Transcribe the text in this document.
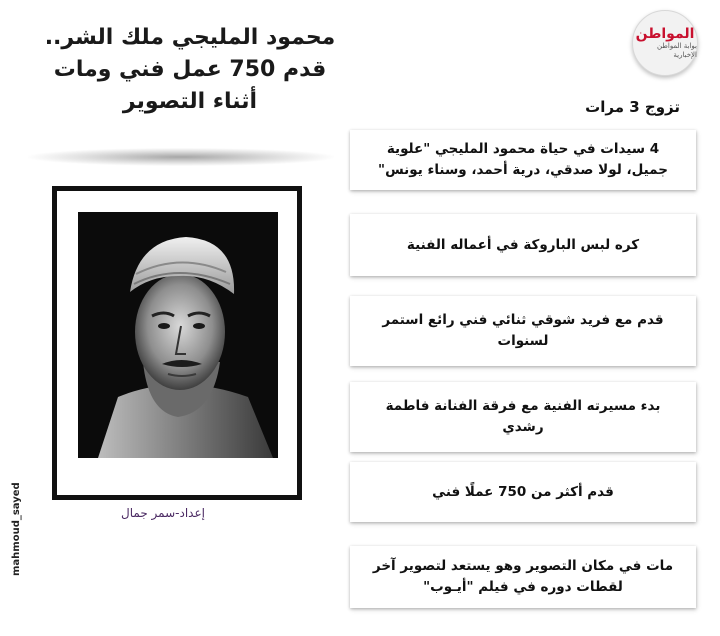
محمود المليجي ملك الشر..
قدم 750 عمل فني ومات
أثناء التصوير
المواطن
بوابة المواطن الإخبارية
تزوج 3 مرات
إعداد-سمر جمال
mahmoud_sayed
4 سيدات في حياة محمود المليجي "علوية جميل، لولا صدقي، درية أحمد، وسناء يونس"
كره لبس الباروكة في أعماله الفنية
قدم مع فريد شوقي ثنائي فني رائع استمر لسنوات
بدء مسيرته الفنية مع فرقة الفنانة فاطمة رشدي
قدم أكثر من 750 عملًا فني
مات في مكان التصوير وهو يستعد لتصوير آخر لقطات دوره في فيلم "أيـوب"
